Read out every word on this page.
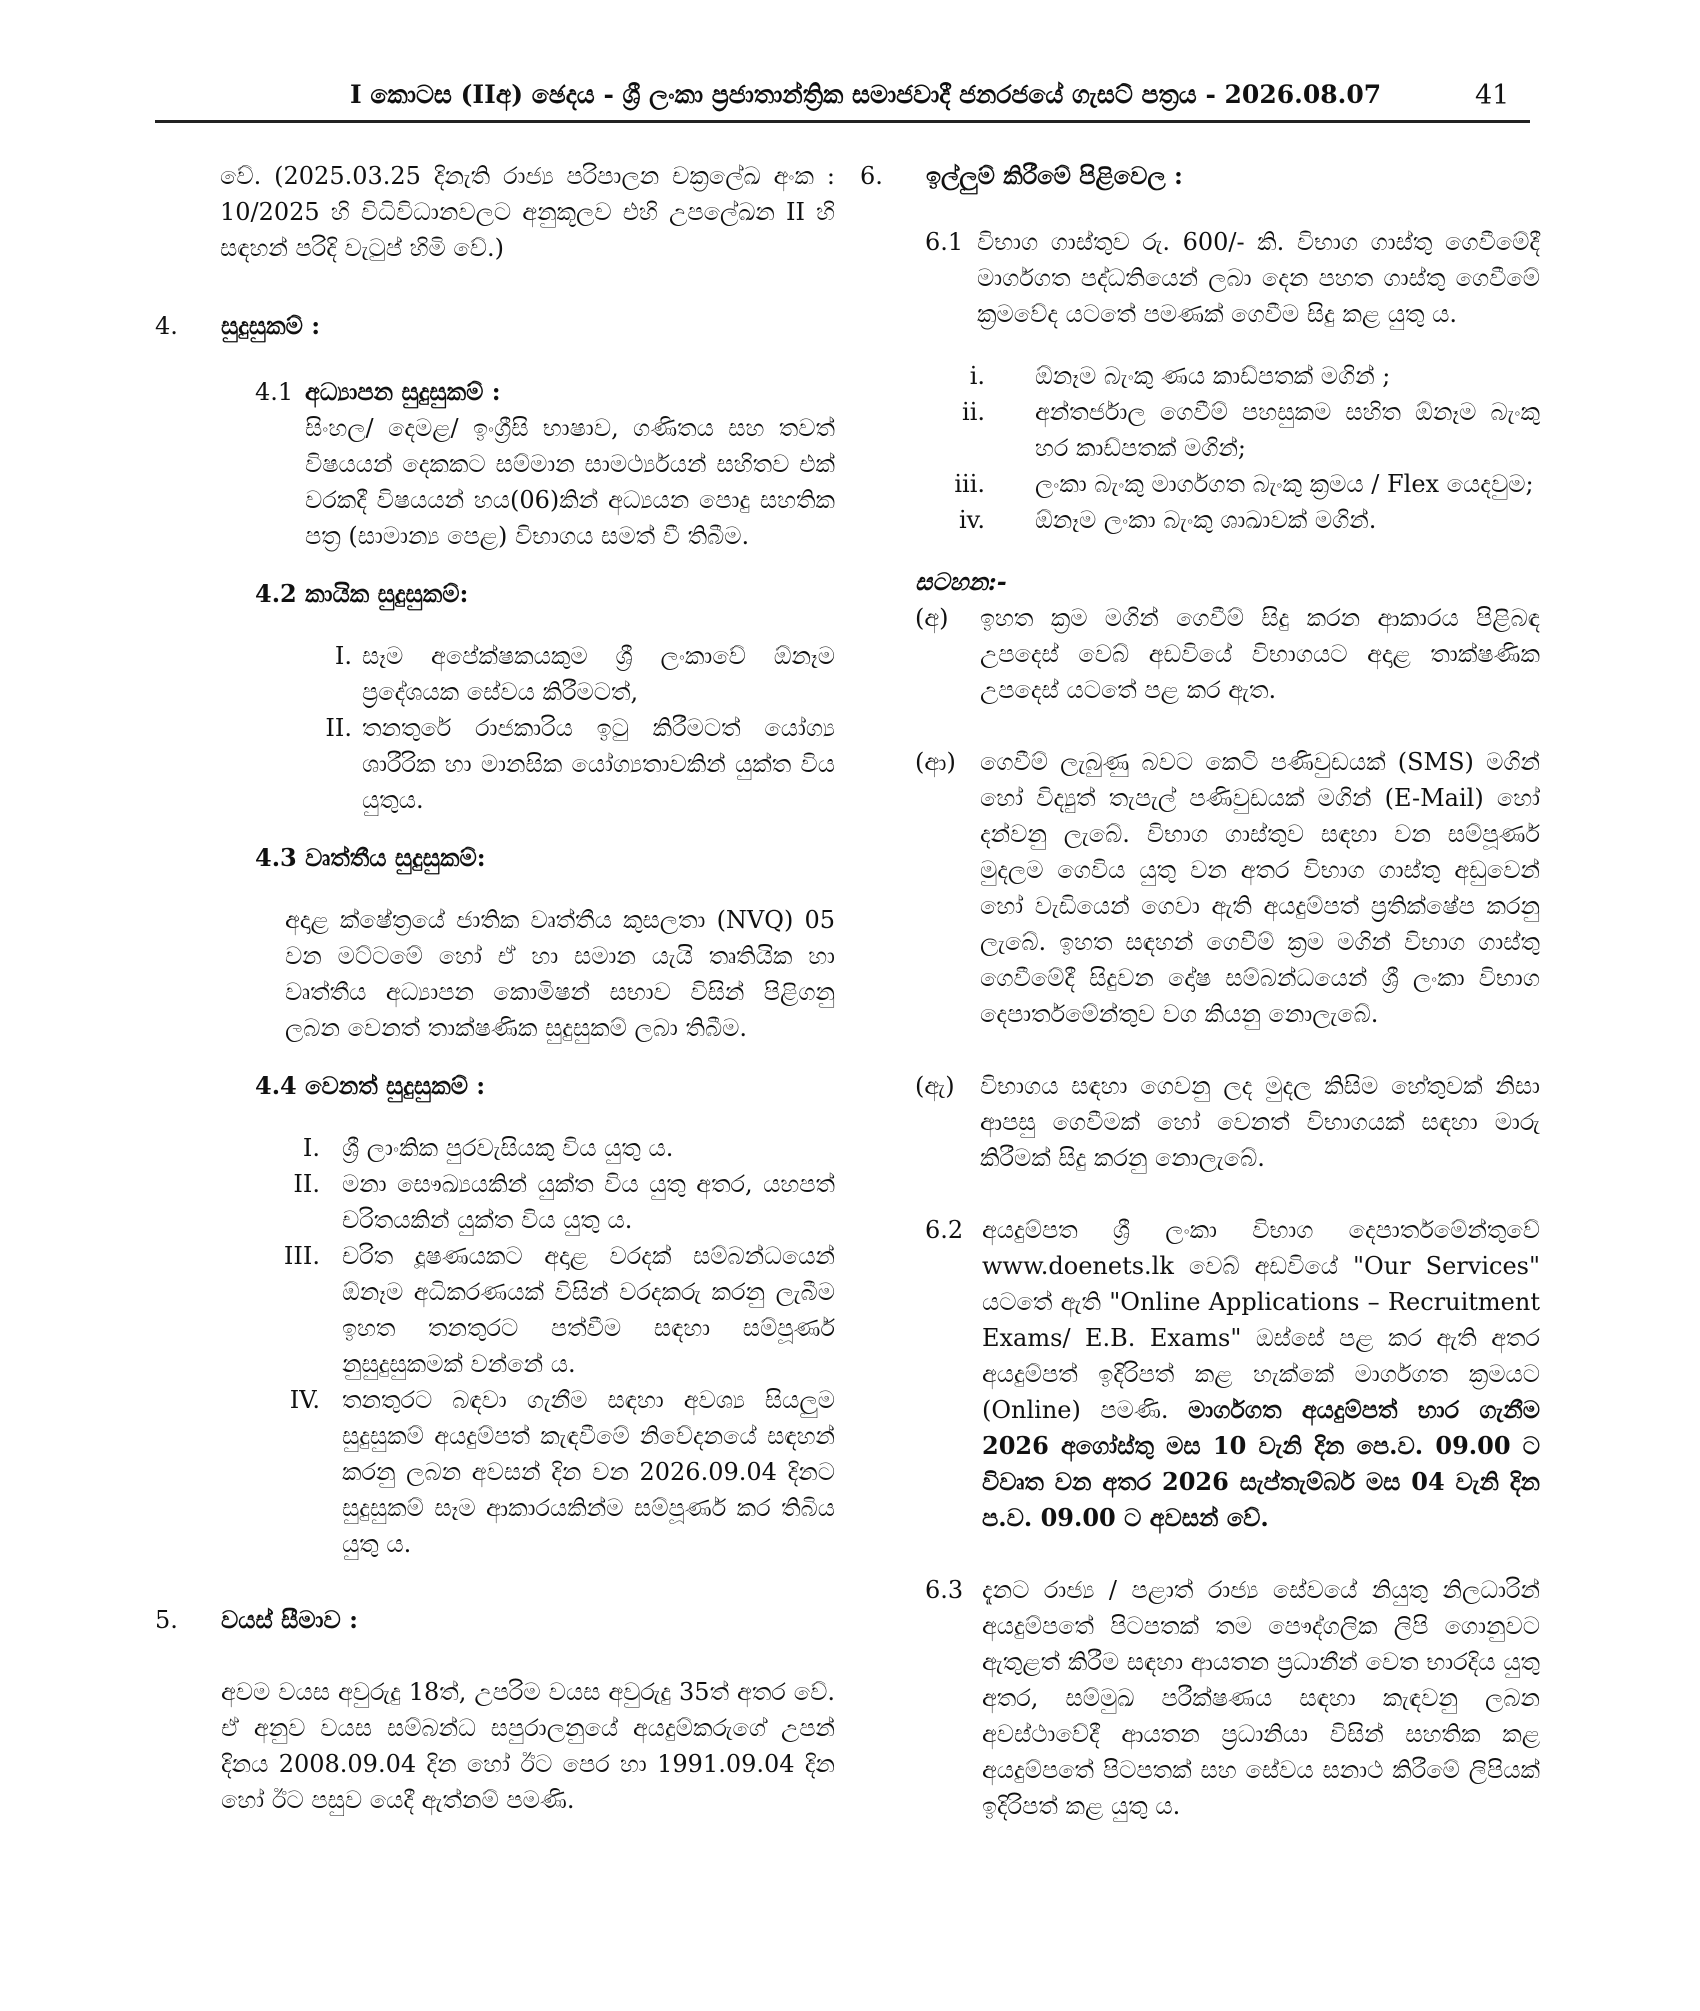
I කොටස (IIඅ) ඡෙදය - ශ්‍රී ලංකා ප්‍රජාතාන්ත්‍රික සමාජවාදී ජනරජයේ ගැසට් පත්‍රය - 2026.08.07	41

වේ. (2025.03.25 දිනැති රාජ්‍ය පරිපාලන චක්‍රලේඛ අංක : 10/2025 හි විධිවිධානවලට අනුකූලව එහි උපලේඛන II හි සඳහන් පරිදි වැටුප් හිමි වේ.)

4.	සුදුසුකම් :
4.1 අධ්‍යාපන සුදුසුකම් :

සිංහල/ දෙමළ/ ඉංග්‍රීසි භාෂාව, ගණිතය සහ තවත් විෂයයන් දෙකකට සම්මාන සාමර්ථ්‍යයන් සහිතව එක් වරකදී විෂයයන් හය(06)කින් අධ්‍යයන පොදු සහතික පත්‍ර (සාමාන්‍ය පෙළ) විභාගය සමත් වී තිබීම.

4.2 කායික සුදුසුකම්:
I. සෑම අපේක්ෂකයකුම ශ්‍රී ලංකාවේ ඕනෑම ප්‍රදේශයක සේවය කිරීමටත්,
II. තනතුරේ රාජකාරිය ඉටු කිරීමටත් යෝග්‍ය ශාරීරික හා මානසික යෝග්‍යතාවකින් යුක්ත විය යුතුය.
4.3 වෘත්තීය සුදුසුකම්:

අදාළ ක්ෂේත්‍රයේ ජාතික වෘත්තීය කුසලතා (NVQ) 05 වන මට්ටමේ හෝ ඒ හා සමාන යැයි තෘතියික හා වෘත්තීය අධ්‍යාපන කොමිෂන් සභාව විසින් පිළිගනු ලබන වෙනත් තාක්ෂණික සුදුසුකම් ලබා තිබීම.

4.4 වෙනත් සුදුසුකම් :
I. ශ්‍රී ලාංකික පුරවැසියකු විය යුතු ය.
II. මනා සෞඛ්‍යයකින් යුක්ත විය යුතු අතර, යහපත් චරිතයකින් යුක්ත විය යුතු ය.
III. චරිත දූෂණයකට අදාළ වරදක් සම්බන්ධයෙන් ඕනෑම අධිකරණයක් විසින් වරදකරු කරනු ලැබීම ඉහත තනතුරට පත්වීම සඳහා සම්පූර්ණ නුසුදුසුකමක් වන්නේ ය.
IV. තනතුරට බඳවා ගැනීම සඳහා අවශ්‍ය සියලුම සුදුසුකම් අයදුම්පත් කැඳවීමේ නිවේදනයේ සඳහන් කරනු ලබන අවසන් දින වන 2026.09.04 දිනට සුදුසුකම් සෑම ආකාරයකින්ම සම්පූර්ණ කර තිබිය යුතු ය.
5.	වයස් සීමාව :

අවම වයස අවුරුදු 18ත්, උපරිම වයස අවුරුදු 35ත් අතර වේ. ඒ අනුව වයස සම්බන්ධ සපුරාලනුයේ අයදුම්කරුගේ උපන් දිනය 2008.09.04 දින හෝ ඊට පෙර හා 1991.09.04 දින හෝ ඊට පසුව යෙදී ඇත්නම් පමණි.

6.	ඉල්ලුම් කිරීමේ පිළිවෙල :
6.1 විභාග ගාස්තුව රු. 600/- කි. විභාග ගාස්තු ගෙවීමේදී මාර්ගගත පද්ධතියෙන් ලබා දෙන පහත ගාස්තු ගෙවීමේ ක්‍රමවේද යටතේ පමණක් ගෙවීම සිදු කළ යුතු ය.

i.	ඕනෑම බැංකු ණය කාඩ්පතක් මගින් ;
ii.	අන්තර්ජාල ගෙවීම් පහසුකම සහිත ඕනෑම බැංකු හර කාඩ්පතක් මගින්;
iii.	ලංකා බැංකු මාර්ගගත බැංකු ක්‍රමය / Flex යෙදවුම;
iv.	ඕනෑම ලංකා බැංකු ශාඛාවක් මගින්.
සටහන:-
(අ)	ඉහත ක්‍රම මගින් ගෙවීම් සිදු කරන ආකාරය පිළිබඳ උපදෙස් වෙබ් අඩවියේ විභාගයට අදාළ තාක්ෂණික උපදෙස් යටතේ පළ කර ඇත.

(ආ)	ගෙවීම් ලැබුණු බවට කෙටි පණිවුඩයක් (SMS) මගින් හෝ විද්‍යුත් තැපැල් පණිවුඩයක් මගින් (E-Mail) හෝ දන්වනු ලැබේ. විභාග ගාස්තුව සඳහා වන සම්පූර්ණ මුදලම ගෙවිය යුතු වන අතර විභාග ගාස්තු අඩුවෙන් හෝ වැඩියෙන් ගෙවා ඇති අයදුම්පත් ප්‍රතික්ෂේප කරනු ලැබේ. ඉහත සඳහන් ගෙවීම් ක්‍රම මගින් විභාග ගාස්තු ගෙවීමේදී සිදුවන දෝෂ සම්බන්ධයෙන් ශ්‍රී ලංකා විභාග දෙපාර්තමේන්තුව වග කියනු නොලැබේ.

(ඇ)	විභාගය සඳහා ගෙවනු ලද මුදල කිසිම හේතුවක් නිසා ආපසු ගෙවීමක් හෝ වෙනත් විභාගයක් සඳහා මාරු කිරීමක් සිදු කරනු නොලැබේ.

6.2 අයදුම්පත ශ්‍රී ලංකා විභාග දෙපාර්තමේන්තුවේ www.doenets.lk වෙබ් අඩවියේ "Our Services" යටතේ ඇති "Online Applications – Recruitment Exams/ E.B. Exams" ඔස්සේ පළ කර ඇති අතර අයදුම්පත් ඉදිරිපත් කළ හැක්කේ මාර්ගගත ක්‍රමයට (Online) පමණි. මාර්ගගත අයදුම්පත් භාර ගැනීම 2026 අගෝස්තු මස 10 වැනි දින පෙ.ව. 09.00 ට විවෘත වන අතර 2026 සැප්තැම්බර් මස 04 වැනි දින ප.ව. 09.00 ට අවසන් වේ.

6.3 දැනට රාජ්‍ය / පළාත් රාජ්‍ය සේවයේ නියුතු නිලධාරින් අයදුම්පතේ පිටපතක් තම පෞද්ගලික ලිපි ගොනුවට ඇතුළත් කිරීම සඳහා ආයතන ප්‍රධානීන් වෙත භාරදිය යුතු අතර, සම්මුඛ පරීක්ෂණය සඳහා කැඳවනු ලබන අවස්ථාවේදී ආයතන ප්‍රධානියා විසින් සහතික කළ අයදුම්පතේ පිටපතක් සහ සේවය සනාථ කිරීමේ ලිපියක් ඉදිරිපත් කළ යුතු ය.
